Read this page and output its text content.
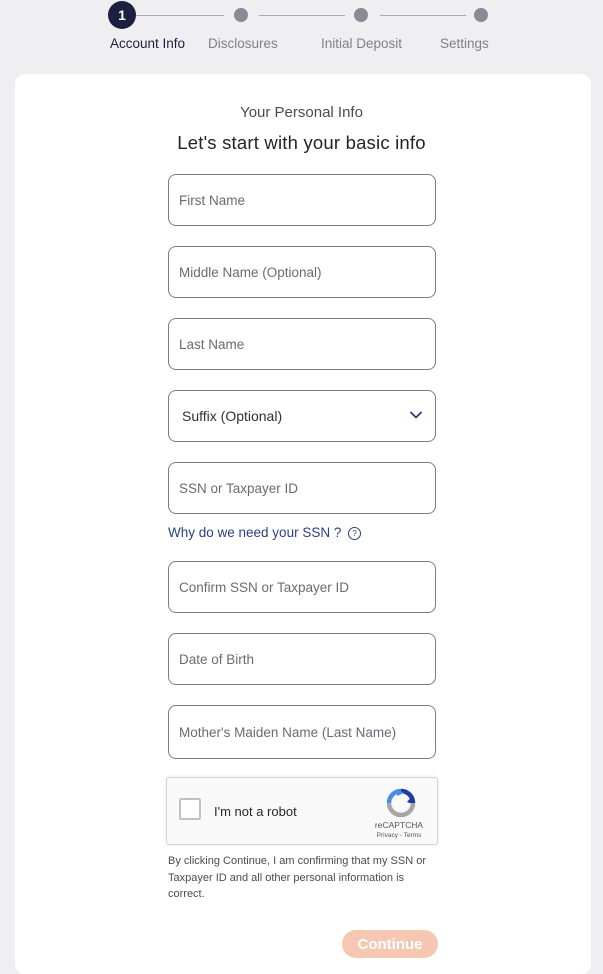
1
Account Info Disclosures	Initial Deposit	Settings
Your Personal Info
Let's start with your basic info
First Name
Middle Name (Optional)
Last Name
Suffix (Optional)
SSN or Taxpayer ID
Why do we need your SSN ? ?
Confirm SSN or Taxpayer ID
Date of Birth
Mother's Maiden Name (Last Name)
I'm not a robot
reCAPTCHA
Privacy - Terms
By clicking Continue, I am confirming that my SSN or Taxpayer ID and all other personal information is correct.
Continue
